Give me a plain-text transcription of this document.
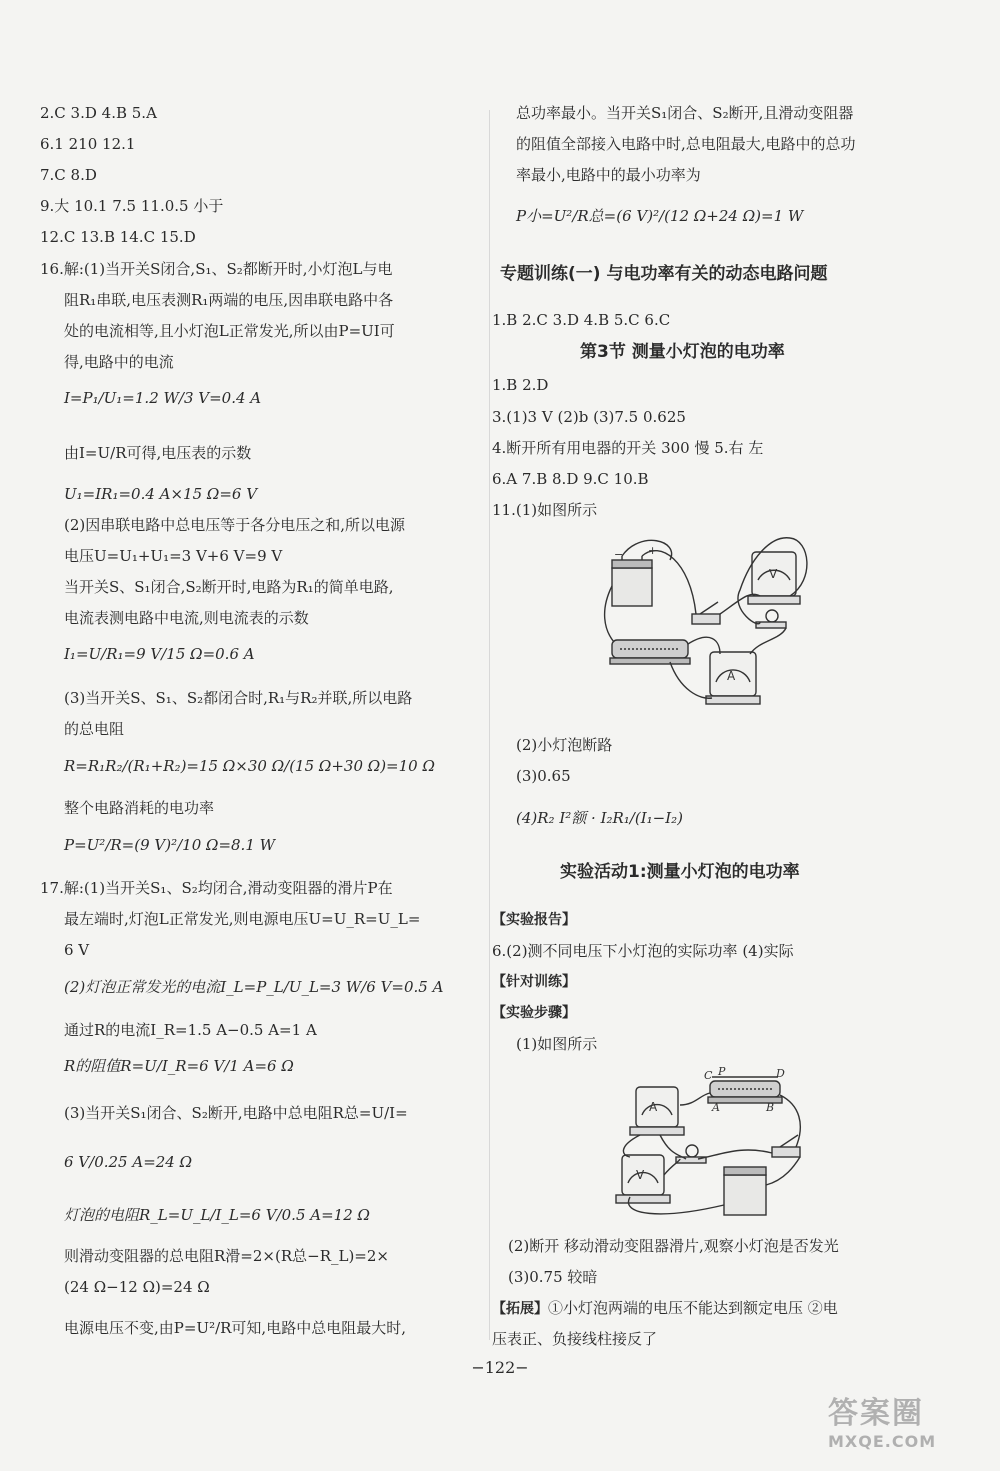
2.C 3.D 4.B 5.A
6.1 210 12.1
7.C 8.D
9.大 10.1 7.5 11.0.5 小于
12.C 13.B 14.C 15.D
16.解:(1)当开关S闭合,S₁、S₂都断开时,小灯泡L与电
阻R₁串联,电压表测R₁两端的电压,因串联电路中各
处的电流相等,且小灯泡L正常发光,所以由P=UI可
得,电路中的电流
I=P₁/U₁=1.2 W/3 V=0.4 A
由I=U/R可得,电压表的示数
U₁=IR₁=0.4 A×15 Ω=6 V
(2)因串联电路中总电压等于各分电压之和,所以电源
电压U=U₁+U₁=3 V+6 V=9 V
当开关S、S₁闭合,S₂断开时,电路为R₁的简单电路,
电流表测电路中电流,则电流表的示数
I₁=U/R₁=9 V/15 Ω=0.6 A
(3)当开关S、S₁、S₂都闭合时,R₁与R₂并联,所以电路
的总电阻
R=R₁R₂/(R₁+R₂)=15 Ω×30 Ω/(15 Ω+30 Ω)=10 Ω
整个电路消耗的电功率
P=U²/R=(9 V)²/10 Ω=8.1 W
17.解:(1)当开关S₁、S₂均闭合,滑动变阻器的滑片P在
最左端时,灯泡L正常发光,则电源电压U=U_R=U_L=
6 V
(2)灯泡正常发光的电流I_L=P_L/U_L=3 W/6 V=0.5 A
通过R的电流I_R=1.5 A−0.5 A=1 A
R的阻值R=U/I_R=6 V/1 A=6 Ω
(3)当开关S₁闭合、S₂断开,电路中总电阻R总=U/I=
6 V/0.25 A=24 Ω
灯泡的电阻R_L=U_L/I_L=6 V/0.5 A=12 Ω
则滑动变阻器的总电阻R滑=2×(R总−R_L)=2×
(24 Ω−12 Ω)=24 Ω
电源电压不变,由P=U²/R可知,电路中总电阻最大时,
总功率最小。当开关S₁闭合、S₂断开,且滑动变阻器
的阻值全部接入电路中时,总电阻最大,电路中的总功
率最小,电路中的最小功率为
P小=U²/R总=(6 V)²/(12 Ω+24 Ω)=1 W
专题训练(一) 与电功率有关的动态电路问题
1.B 2.C 3.D 4.B 5.C 6.C
第3节 测量小灯泡的电功率
1.B 2.D
3.(1)3 V (2)b (3)7.5 0.625
4.断开所有用电器的开关 300 慢 5.右 左
6.A 7.B 8.D 9.C 10.B
11.(1)如图所示
− +
V
A
(2)小灯泡断路
(3)0.65
(4)R₂ I²额 · I₂R₁/(I₁−I₂)
实验活动1:测量小灯泡的电功率
【实验报告】
6.(2)测不同电压下小灯泡的实际功率 (4)实际
【针对训练】
【实验步骤】
(1)如图所示
A
V
C P	D
A	B
(2)断开 移动滑动变阻器滑片,观察小灯泡是否发光
(3)0.75 较暗
【拓展】①小灯泡两端的电压不能达到额定电压 ②电
压表正、负接线柱接反了
−122−
答案圈
MXQE.COM
